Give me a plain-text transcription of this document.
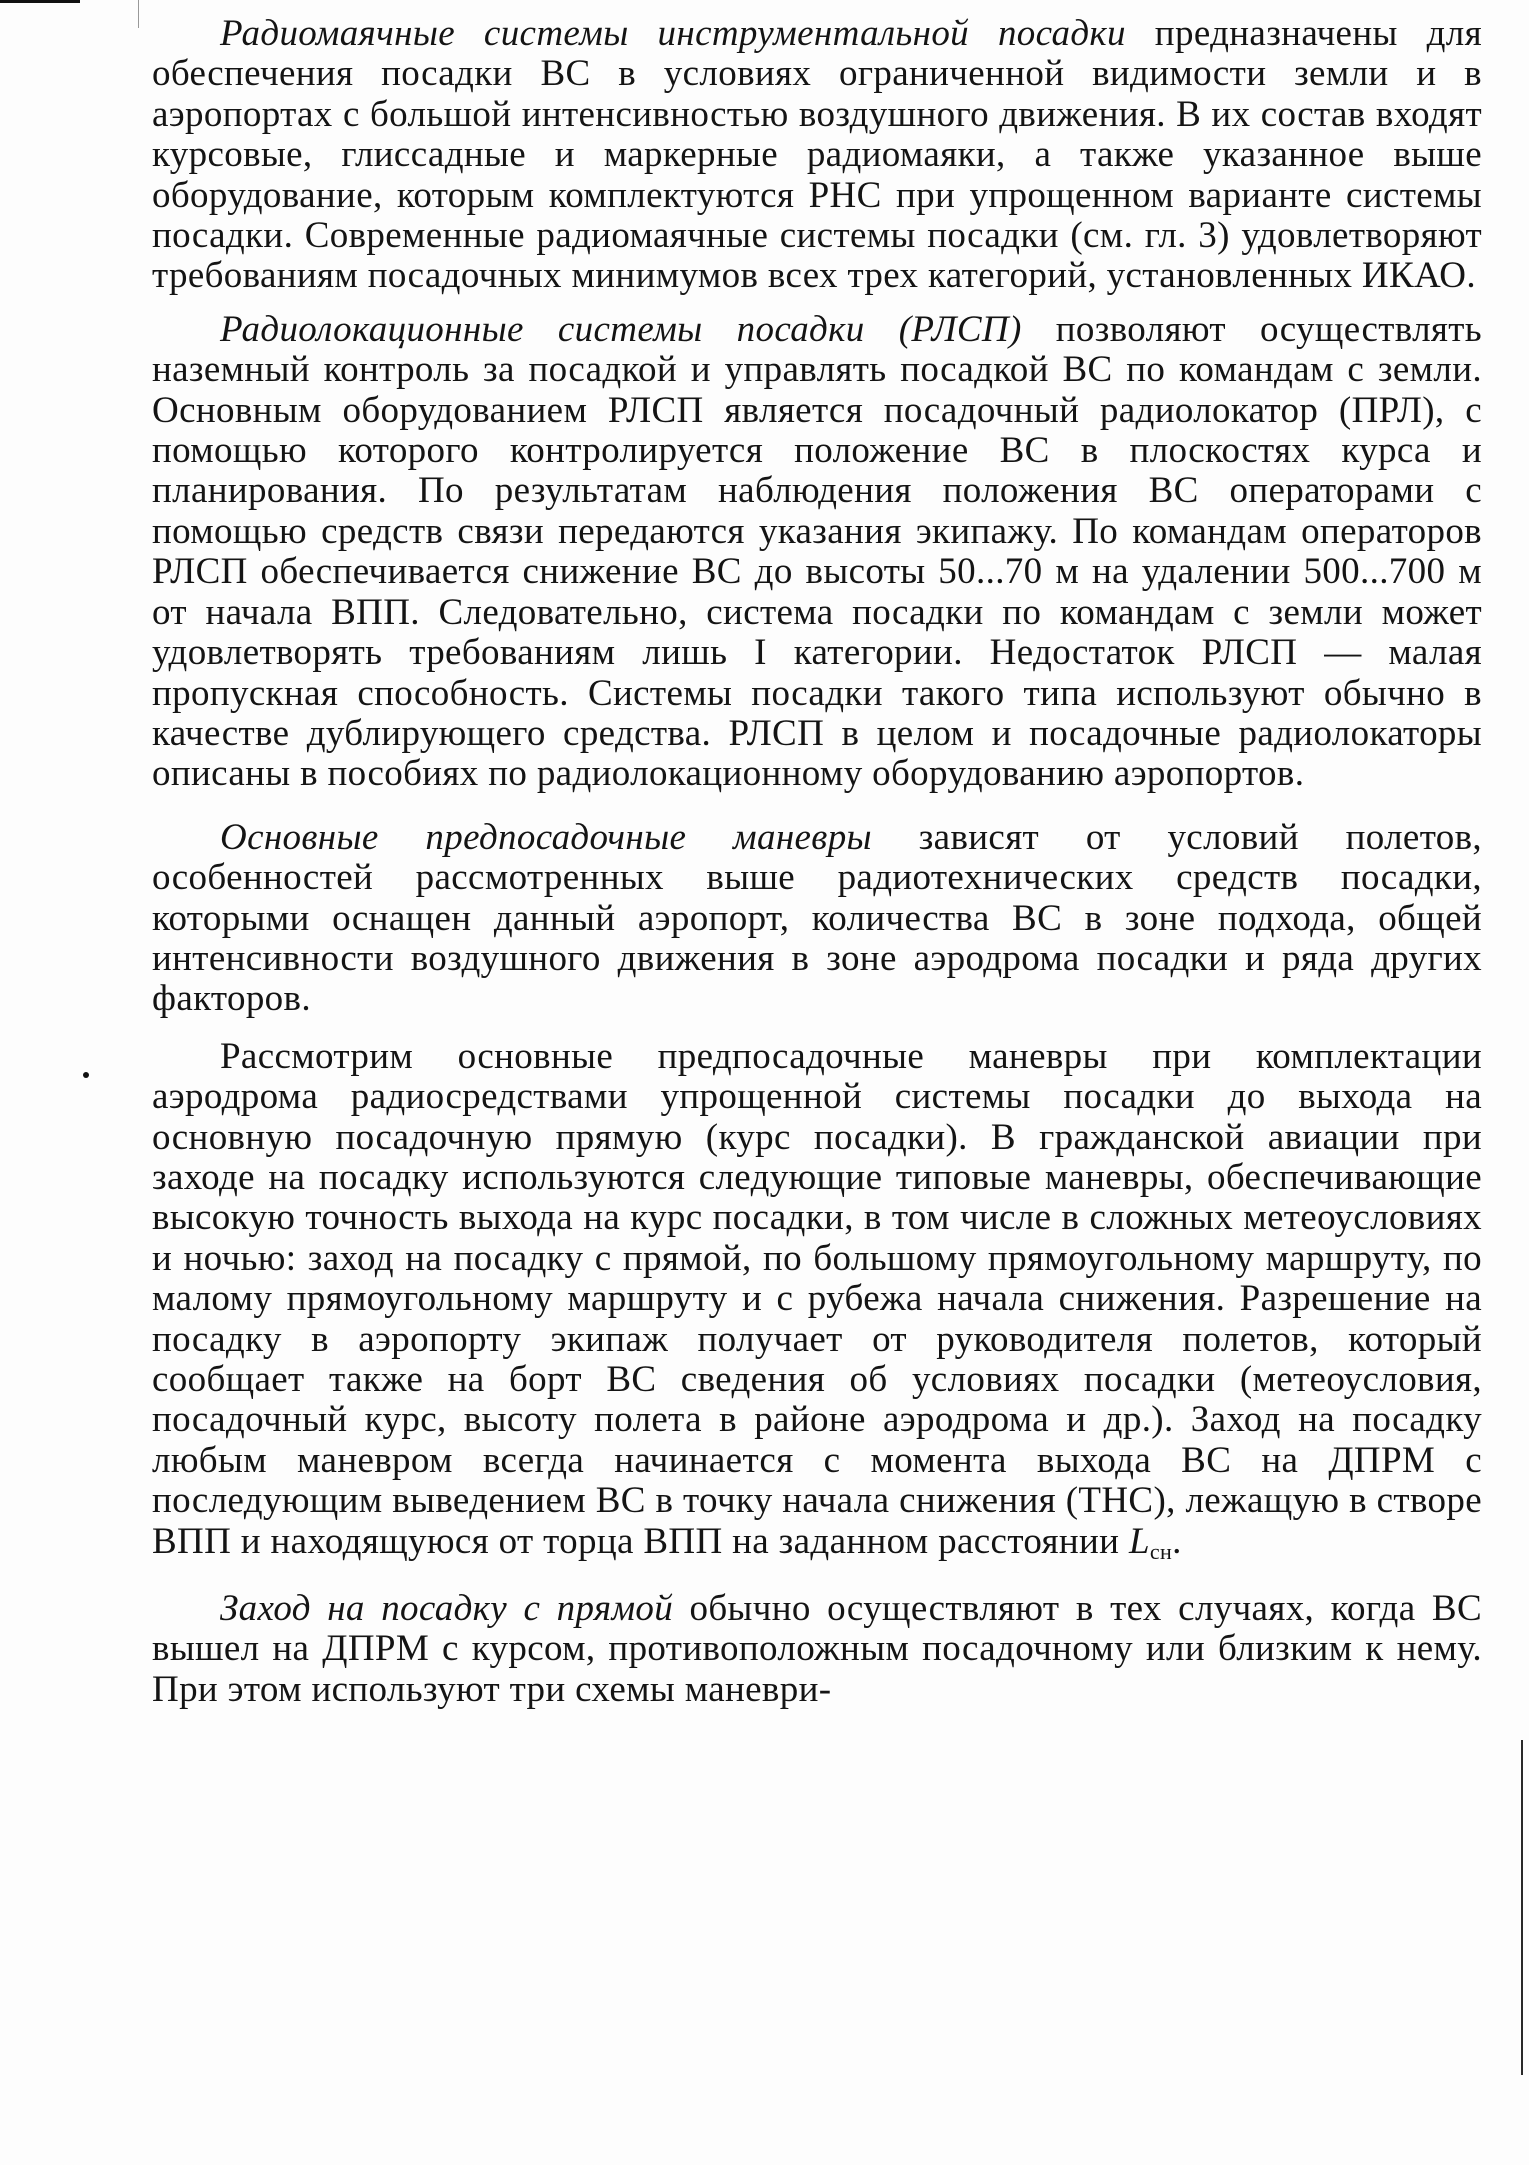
Радиомаячные системы инструментальной посадки предназначены для обеспечения посадки ВС в условиях ограниченной видимости земли и в аэропортах с большой интенсивностью воздушного движения. В их состав входят курсовые, глиссадные и маркерные радиомаяки, а также указанное выше оборудование, которым комплектуются РНС при упрощенном варианте системы посадки. Современные радиомаячные системы посадки (см. гл. 3) удовлетворяют требованиям посадочных минимумов всех трех категорий, установленных ИКАО.

Радиолокационные системы посадки (РЛСП) позволяют осуществлять наземный контроль за посадкой и управлять посадкой ВС по командам с земли. Основным оборудованием РЛСП является посадочный радиолокатор (ПРЛ), с помощью которого контролируется положение ВС в плоскостях курса и планирования. По результатам наблюдения положения ВС операторами с помощью средств связи передаются указания экипажу. По командам операторов РЛСП обеспечивается снижение ВС до высоты 50...70 м на удалении 500...700 м от начала ВПП. Следовательно, система посадки по командам с земли может удовлетворять требованиям лишь I категории. Недостаток РЛСП — малая пропускная способность. Системы посадки такого типа используют обычно в качестве дублирующего средства. РЛСП в целом и посадочные радиолокаторы описаны в пособиях по радиолокационному оборудованию аэропортов.

Основные предпосадочные маневры зависят от условий полетов, особенностей рассмотренных выше радиотехнических средств посадки, которыми оснащен данный аэропорт, количества ВС в зоне подхода, общей интенсивности воздушного движения в зоне аэродрома посадки и ряда других факторов.

Рассмотрим основные предпосадочные маневры при комплектации аэродрома радиосредствами упрощенной системы посадки до выхода на основную посадочную прямую (курс посадки). В гражданской авиации при заходе на посадку используются следующие типовые маневры, обеспечивающие высокую точность выхода на курс посадки, в том числе в сложных метеоусловиях и ночью: заход на посадку с прямой, по большому прямоугольному маршруту, по малому прямоугольному маршруту и с рубежа начала снижения. Разрешение на посадку в аэропорту экипаж получает от руководителя полетов, который сообщает также на борт ВС сведения об условиях посадки (метеоусловия, посадочный курс, высоту полета в районе аэродрома и др.). Заход на посадку любым маневром всегда начинается с момента выхода ВС на ДПРМ с последующим выведением ВС в точку начала снижения (ТНС), лежащую в створе ВПП и находящуюся от торца ВПП на заданном расстоянии $L_{сн}$.

Заход на посадку с прямой обычно осуществляют в тех случаях, когда ВС вышел на ДПРМ с курсом, противоположным посадочному или близким к нему. При этом используют три схемы маневри-
